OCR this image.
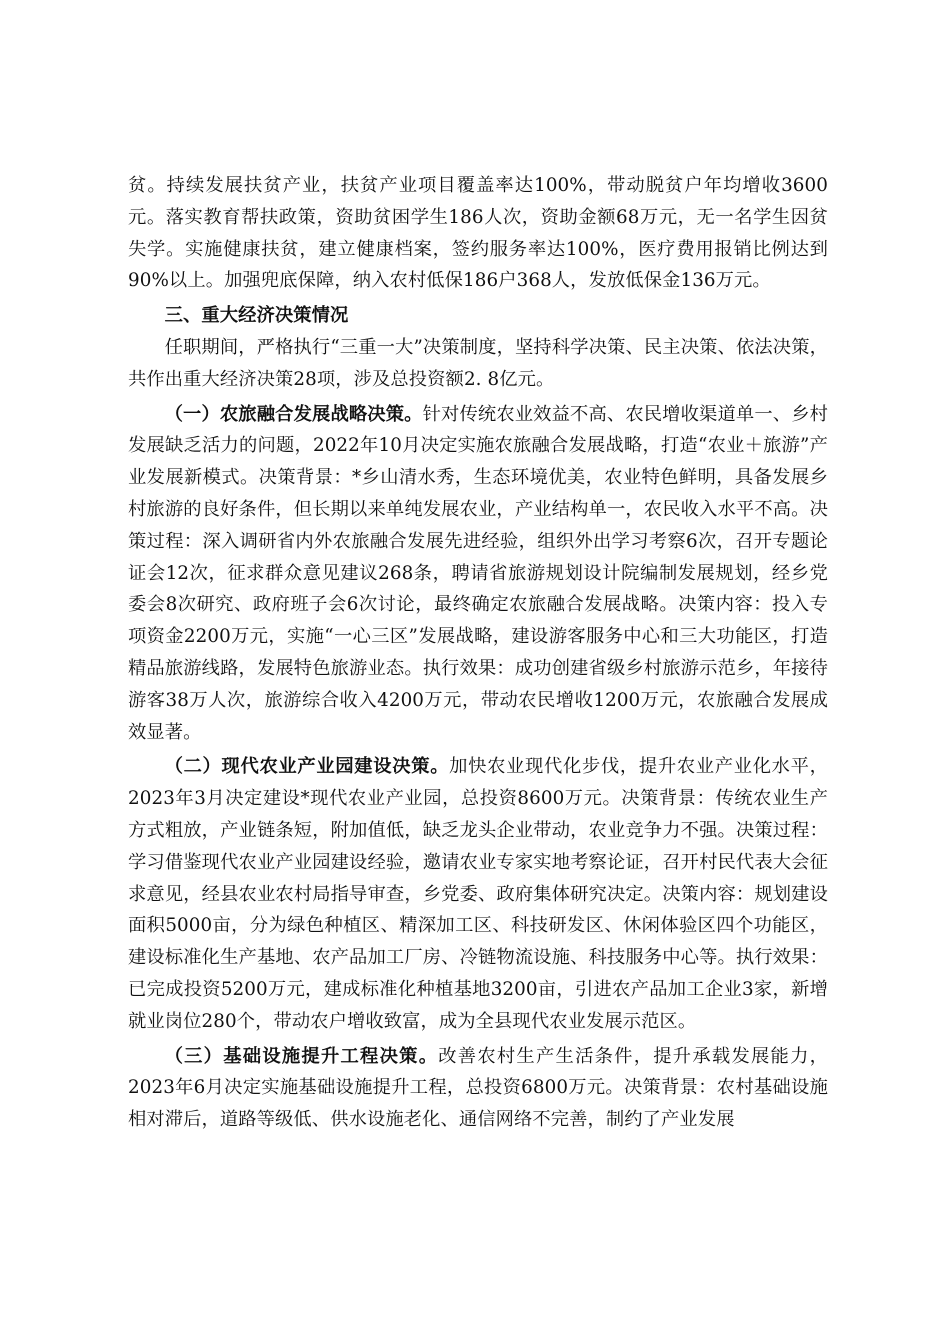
贫。持续发展扶贫产业，扶贫产业项目覆盖率达100%，带动脱贫户年均增收3600元。落实教育帮扶政策，资助贫困学生186人次，资助金额68万元，无一名学生因贫失学。实施健康扶贫，建立健康档案，签约服务率达100%，医疗费用报销比例达到90%以上。加强兜底保障，纳入农村低保186户368人，发放低保金136万元。

三、重大经济决策情况

任职期间，严格执行“三重一大”决策制度，坚持科学决策、民主决策、依法决策，共作出重大经济决策28项，涉及总投资额2. 8亿元。

（一）农旅融合发展战略决策。针对传统农业效益不高、农民增收渠道单一、乡村发展缺乏活力的问题，2022年10月决定实施农旅融合发展战略，打造“农业＋旅游”产业发展新模式。决策背景：*乡山清水秀，生态环境优美，农业特色鲜明，具备发展乡村旅游的良好条件，但长期以来单纯发展农业，产业结构单一，农民收入水平不高。决策过程：深入调研省内外农旅融合发展先进经验，组织外出学习考察6次，召开专题论证会12次，征求群众意见建议268条，聘请省旅游规划设计院编制发展规划，经乡党委会8次研究、政府班子会6次讨论，最终确定农旅融合发展战略。决策内容：投入专项资金2200万元，实施“一心三区”发展战略，建设游客服务中心和三大功能区，打造精品旅游线路，发展特色旅游业态。执行效果：成功创建省级乡村旅游示范乡，年接待游客38万人次，旅游综合收入4200万元，带动农民增收1200万元，农旅融合发展成效显著。

（二）现代农业产业园建设决策。加快农业现代化步伐，提升农业产业化水平，2023年3月决定建设*现代农业产业园，总投资8600万元。决策背景：传统农业生产方式粗放，产业链条短，附加值低，缺乏龙头企业带动，农业竞争力不强。决策过程：学习借鉴现代农业产业园建设经验，邀请农业专家实地考察论证，召开村民代表大会征求意见，经县农业农村局指导审查，乡党委、政府集体研究决定。决策内容：规划建设面积5000亩，分为绿色种植区、精深加工区、科技研发区、休闲体验区四个功能区，建设标准化生产基地、农产品加工厂房、冷链物流设施、科技服务中心等。执行效果：已完成投资5200万元，建成标准化种植基地3200亩，引进农产品加工企业3家，新增就业岗位280个，带动农户增收致富，成为全县现代农业发展示范区。

（三）基础设施提升工程决策。改善农村生产生活条件，提升承载发展能力，2023年6月决定实施基础设施提升工程，总投资6800万元。决策背景：农村基础设施相对滞后，道路等级低、供水设施老化、通信网络不完善，制约了产业发展
